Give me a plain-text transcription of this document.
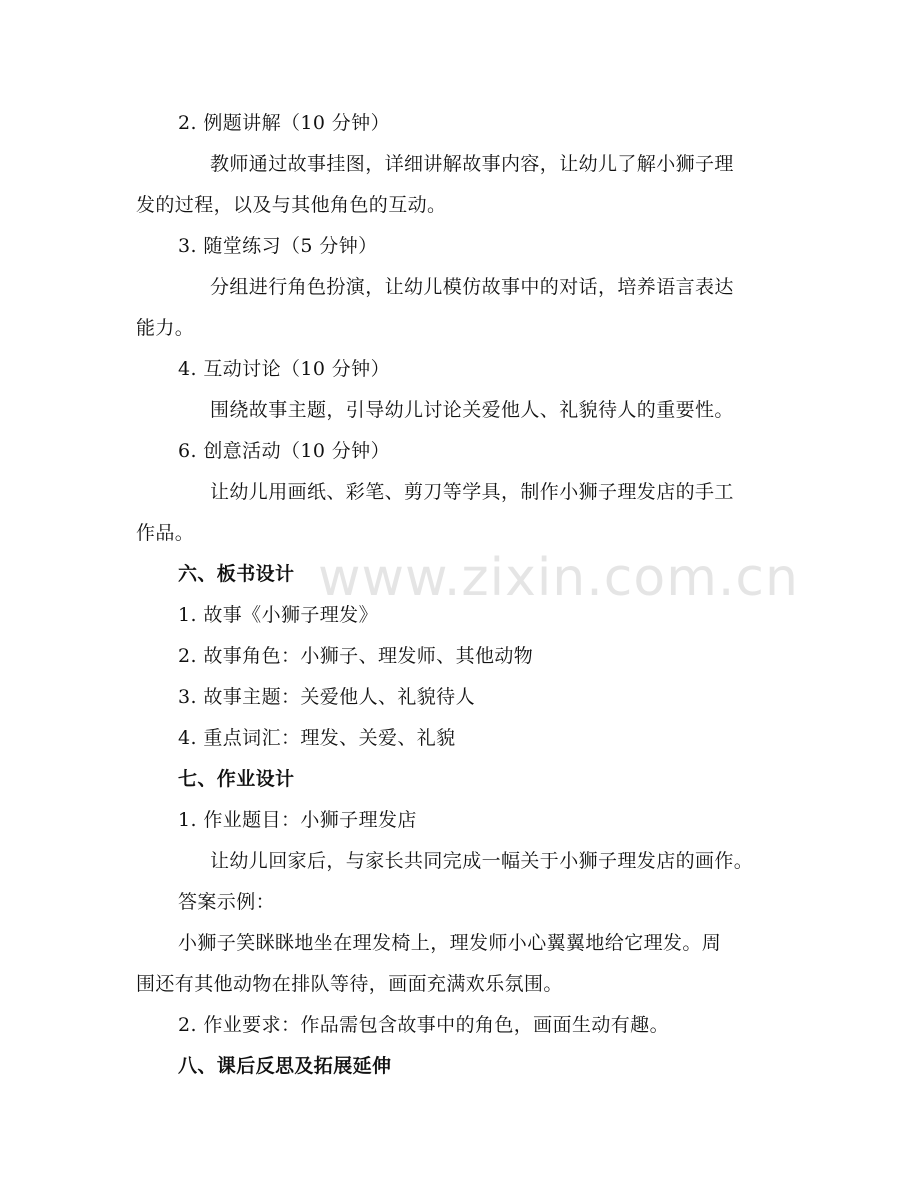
www.zixin.com.cn
2. 例题讲解（10 分钟）
教师通过故事挂图，详细讲解故事内容，让幼儿了解小狮子理
发的过程，以及与其他角色的互动。
3. 随堂练习（5 分钟）
分组进行角色扮演，让幼儿模仿故事中的对话，培养语言表达
能力。
4. 互动讨论（10 分钟）
围绕故事主题，引导幼儿讨论关爱他人、礼貌待人的重要性。
6. 创意活动（10 分钟）
让幼儿用画纸、彩笔、剪刀等学具，制作小狮子理发店的手工
作品。
六、板书设计
1. 故事《小狮子理发》
2. 故事角色：小狮子、理发师、其他动物
3. 故事主题：关爱他人、礼貌待人
4. 重点词汇：理发、关爱、礼貌
七、作业设计
1. 作业题目：小狮子理发店
让幼儿回家后，与家长共同完成一幅关于小狮子理发店的画作。
答案示例：
小狮子笑眯眯地坐在理发椅上，理发师小心翼翼地给它理发。周
围还有其他动物在排队等待，画面充满欢乐氛围。
2. 作业要求：作品需包含故事中的角色，画面生动有趣。
八、课后反思及拓展延伸
